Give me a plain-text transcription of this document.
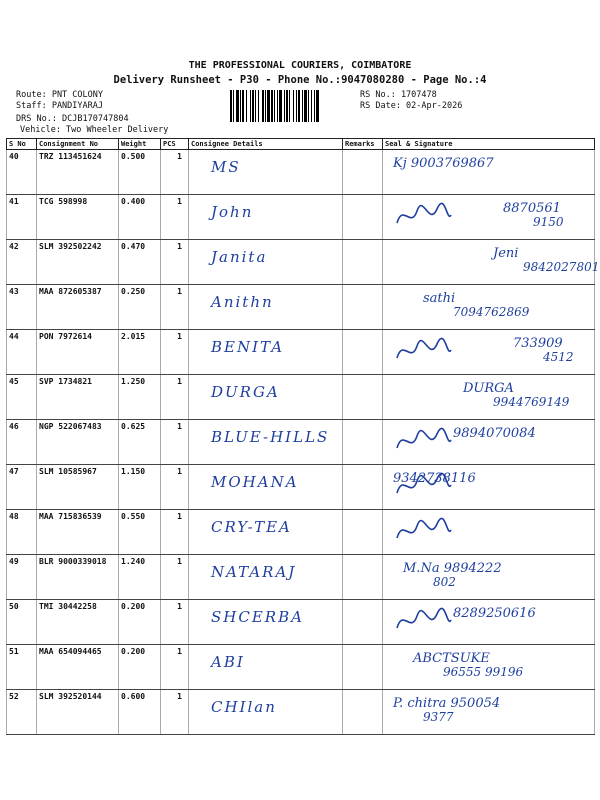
THE PROFESSIONAL COURIERS, COIMBATORE
Delivery Runsheet - P30 - Phone No.:9047080280 - Page No.:4
Route: PNT COLONY
Staff: PANDIYARAJ
DRS No.: DCJB170747804
Vehicle: Two Wheeler Delivery
RS No.: 1707478
RS Date: 02-Apr-2026
S No	Consignment No	Weight	PCS	Consignee Details	Remarks	Seal & Signature
40	TRZ 113451624	0.500	1	MS		Kj 9003769867

41	TCG 598998	0.400	1	John		8870561
9150

42	SLM 392502242	0.470	1	Janita		Jeni
9842027801

43	MAA 872605387	0.250	1	Anithn		sathi
7094762869

44	PON 7972614	2.015	1	BENITA		733909
4512

45	SVP 1734821	1.250	1	DURGA		DURGA
9944769149

46	NGP 522067483	0.625	1	BLUE-HILLS		9894070084

47	SLM 10585967	1.150	1	MOHANA		9342738116

48	MAA 715836539	0.550	1	CRY-TEA

49	BLR 9000339018	1.240	1	NATARAJ		M.Na 9894222
802

50	TMI 30442258	0.200	1	SHCERBA		8289250616

51	MAA 654094465	0.200	1	ABI		ABCTSUKE
96555 99196

52	SLM 392520144	0.600	1	CHIlan		P. chitra 950054
9377
